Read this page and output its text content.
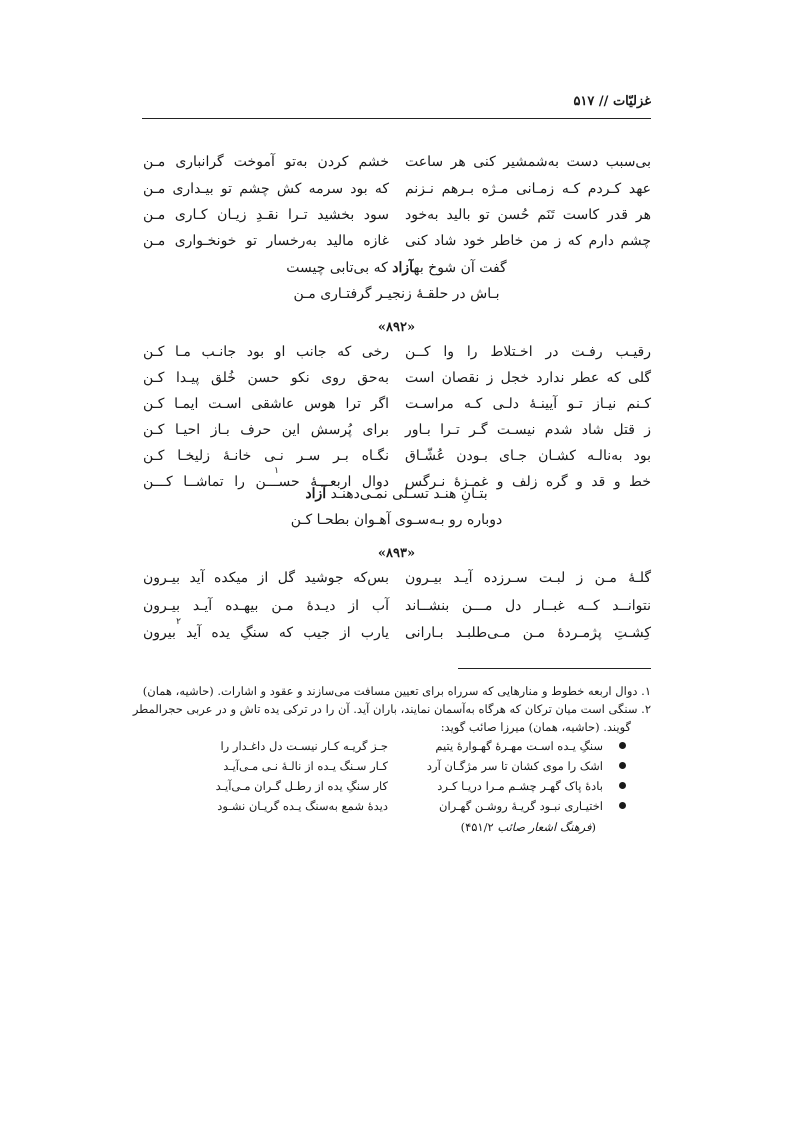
غزلیّات // ۵۱۷
بی‌سبب دست به‌شمشیر کنی هر ساعت
خشم کردن به‌تو آموخت گرانباری مـن
عهد کـردم کـه زمـانی مـژه بـرهم نـزنم
که بود سرمه کش چشم تو بیـداری مـن
هر قدر کاست تَنَم حُسن تو بالید به‌خود
سود بخشید تـرا نقـدِ زیـان کـاری مـن
چشم دارم که ز من خاطر خود شاد کنی
غازه مالید به‌رخسار تو خونخـواری مـن
گفت آن شوخ بهآزاد که بی‌تابی چیست
بـاش در حلقـهٔ زنجیـر گرفتـاری مـن
«۸۹۲»
رقیـب رفـت در اخـتلاط را وا کــن
رخی که جانب او بود جانـب مـا کـن
گلی که عطر ندارد خجل ز نقصان است
به‌حق روی نکو حسن خُلق پیـدا کـن
کـنم نیـاز تـو آیینـهٔ دلـی کـه مراسـت
اگر ترا هوس عاشقی اسـت ایمـا کـن
ز قتل شاد شدم نیسـت گـر تـرا بـاور
برای پُرسش این حرف بـاز احیـا کـن
بود به‌نالـه کشـان جـای بـودن عُشّـاق
نگـاه بـر سـر نـی خانـهٔ زلیخـا کـن
خط و قد و گره زلف و غمـزهٔ نـرگس
دوال اربعـــهٔ حســـن را تماشــا کـــن
۱
بتـانِ هنـد تسـلی نمـی‌دهنـد آزاد
دوباره رو بـه‌سـوی آهـوان بطحـا کـن
«۸۹۳»
گلـهٔ مـن ز لبـت سـرزده آیـد بیـرون
بس‌که جوشید گل از میکده آید بیـرون
نتوانــد کــه غبــار دل مـــن بنشــاند
آب از دیـدهٔ مـن بیهـده آیـد بیـرون
کِشـتِ پژمـردهٔ مـن مـی‌طلبـد بـارانی
یارب از جیب که سنگِ یده آید بیرون
۲
۱. دوال اربعه خطوط و منارهایی که سرراه برای تعیین مسافت می‌سازند و عقود و اشارات. (حاشیه، همان)
۲. سنگی است میان ترکان که هرگاه به‌آسمان نمایند، باران آید. آن را در ترکی یده تاش و در عربی حجرالمطر
گویند. (حاشیه، همان) میرزا صائب گوید:
سنگِ یـده اسـت مهـرهٔ گهـوارهٔ یتیم
جـز گریـه کـار نیسـت دل داغـدار را
اشک را موی کشان تا سر مژگـان آرد
کـار سـنگ یـده از نالـهٔ نـی مـی‌آیـد
بادهٔ پاک گهـر چشـم مـرا دریـا کـرد
کار سنگِ یده از رطـل گـران مـی‌آیـد
اختیـاری نبـود گریـهٔ روشـن گهـران
دیدهٔ شمع به‌سنگ یـده گریـان نشـود
(فرهنگ اشعار صائب ۴۵۱/۲)
